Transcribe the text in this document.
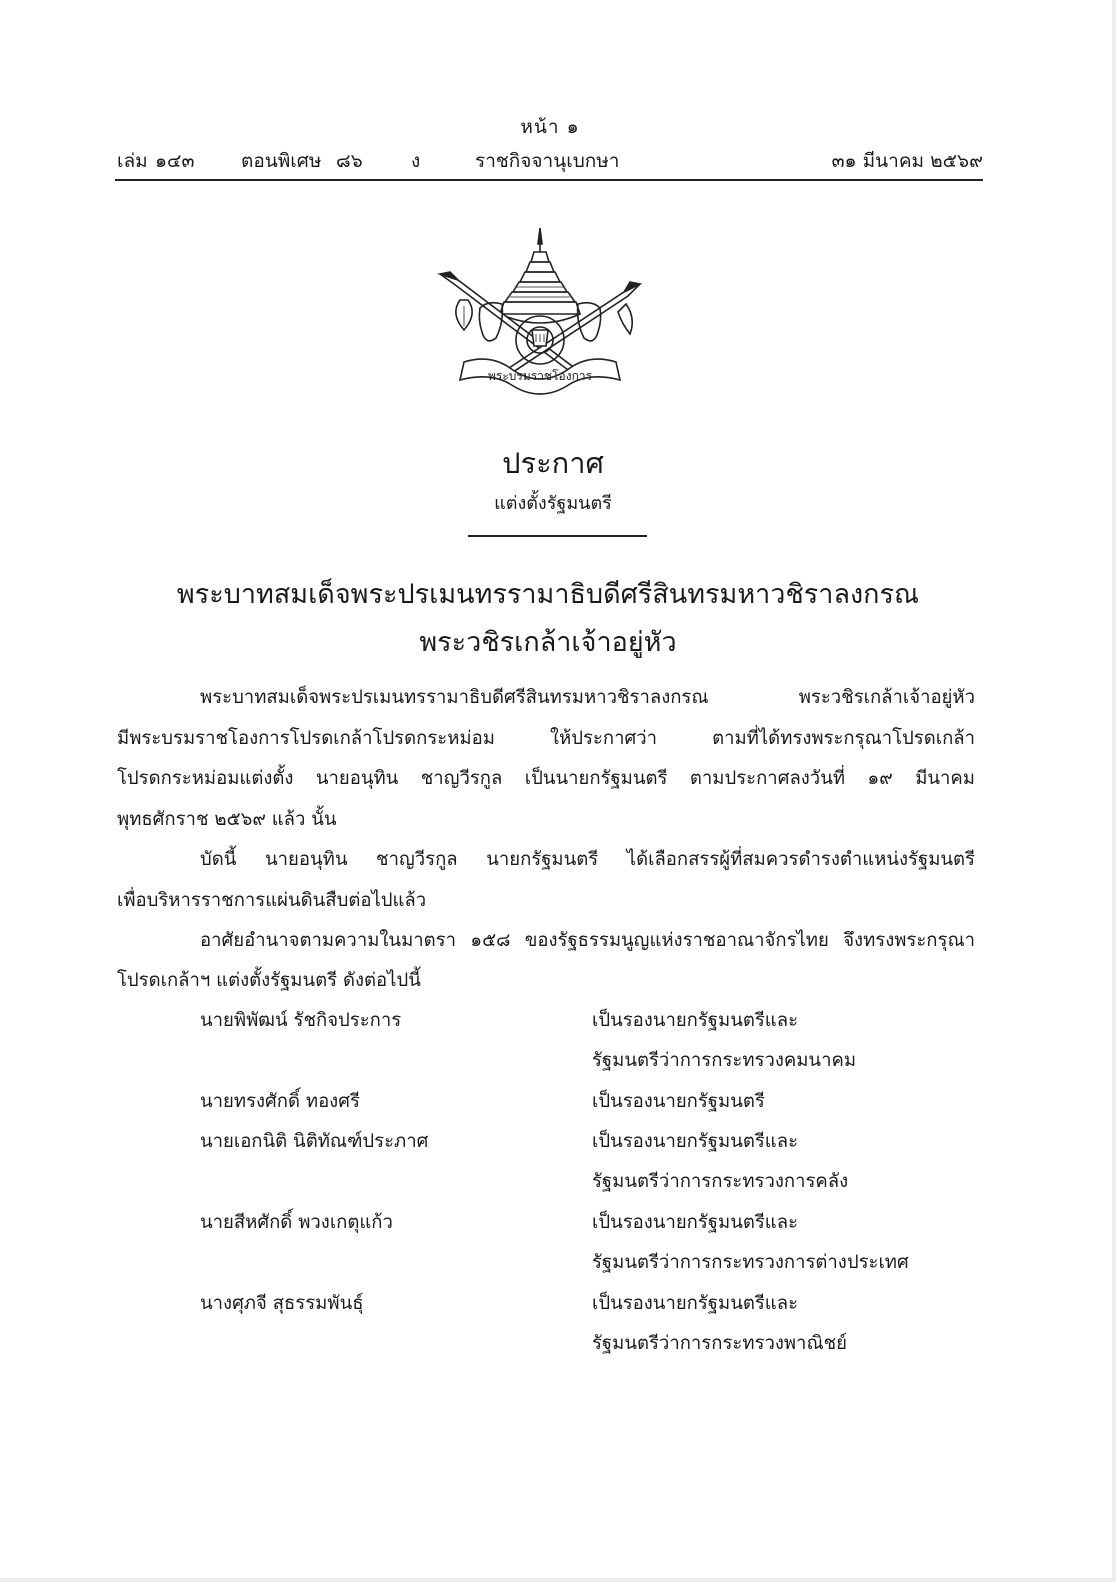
หน้า ๑
เล่ม ๑๔๓ ตอนพิเศษ ๘๖	ง	ราชกิจจานุเบกษา	๓๑ มีนาคม ๒๕๖๙
พระบรมราชโองการ
ประกาศ
แต่งตั้งรัฐมนตรี
พระบาทสมเด็จพระปรเมนทรรามาธิบดีศรีสินทรมหาวชิราลงกรณ
พระวชิรเกล้าเจ้าอยู่หัว
พระบาทสมเด็จพระปรเมนทรรามาธิบดีศรีสินทรมหาวชิราลงกรณ พระวชิรเกล้าเจ้าอยู่หัว
มีพระบรมราชโองการโปรดเกล้าโปรดกระหม่อม ให้ประกาศว่า ตามที่ได้ทรงพระกรุณาโปรดเกล้า
โปรดกระหม่อมแต่งตั้ง นายอนุทิน ชาญวีรกูล เป็นนายกรัฐมนตรี ตามประกาศลงวันที่ ๑๙ มีนาคม
พุทธศักราช ๒๕๖๙ แล้ว นั้น
บัดนี้ นายอนุทิน ชาญวีรกูล นายกรัฐมนตรี ได้เลือกสรรผู้ที่สมควรดำรงตำแหน่งรัฐมนตรี
เพื่อบริหารราชการแผ่นดินสืบต่อไปแล้ว
อาศัยอำนาจตามความในมาตรา ๑๕๘ ของรัฐธรรมนูญแห่งราชอาณาจักรไทย จึงทรงพระกรุณา
โปรดเกล้าฯ แต่งตั้งรัฐมนตรี ดังต่อไปนี้
นายพิพัฒน์ รัชกิจประการ	เป็นรองนายกรัฐมนตรีและ
รัฐมนตรีว่าการกระทรวงคมนาคม
นายทรงศักดิ์ ทองศรี	เป็นรองนายกรัฐมนตรี
นายเอกนิติ นิติทัณฑ์ประภาศ	เป็นรองนายกรัฐมนตรีและ
รัฐมนตรีว่าการกระทรวงการคลัง
นายสีหศักดิ์ พวงเกตุแก้ว	เป็นรองนายกรัฐมนตรีและ
รัฐมนตรีว่าการกระทรวงการต่างประเทศ
นางศุภจี สุธรรมพันธุ์	เป็นรองนายกรัฐมนตรีและ
รัฐมนตรีว่าการกระทรวงพาณิชย์
